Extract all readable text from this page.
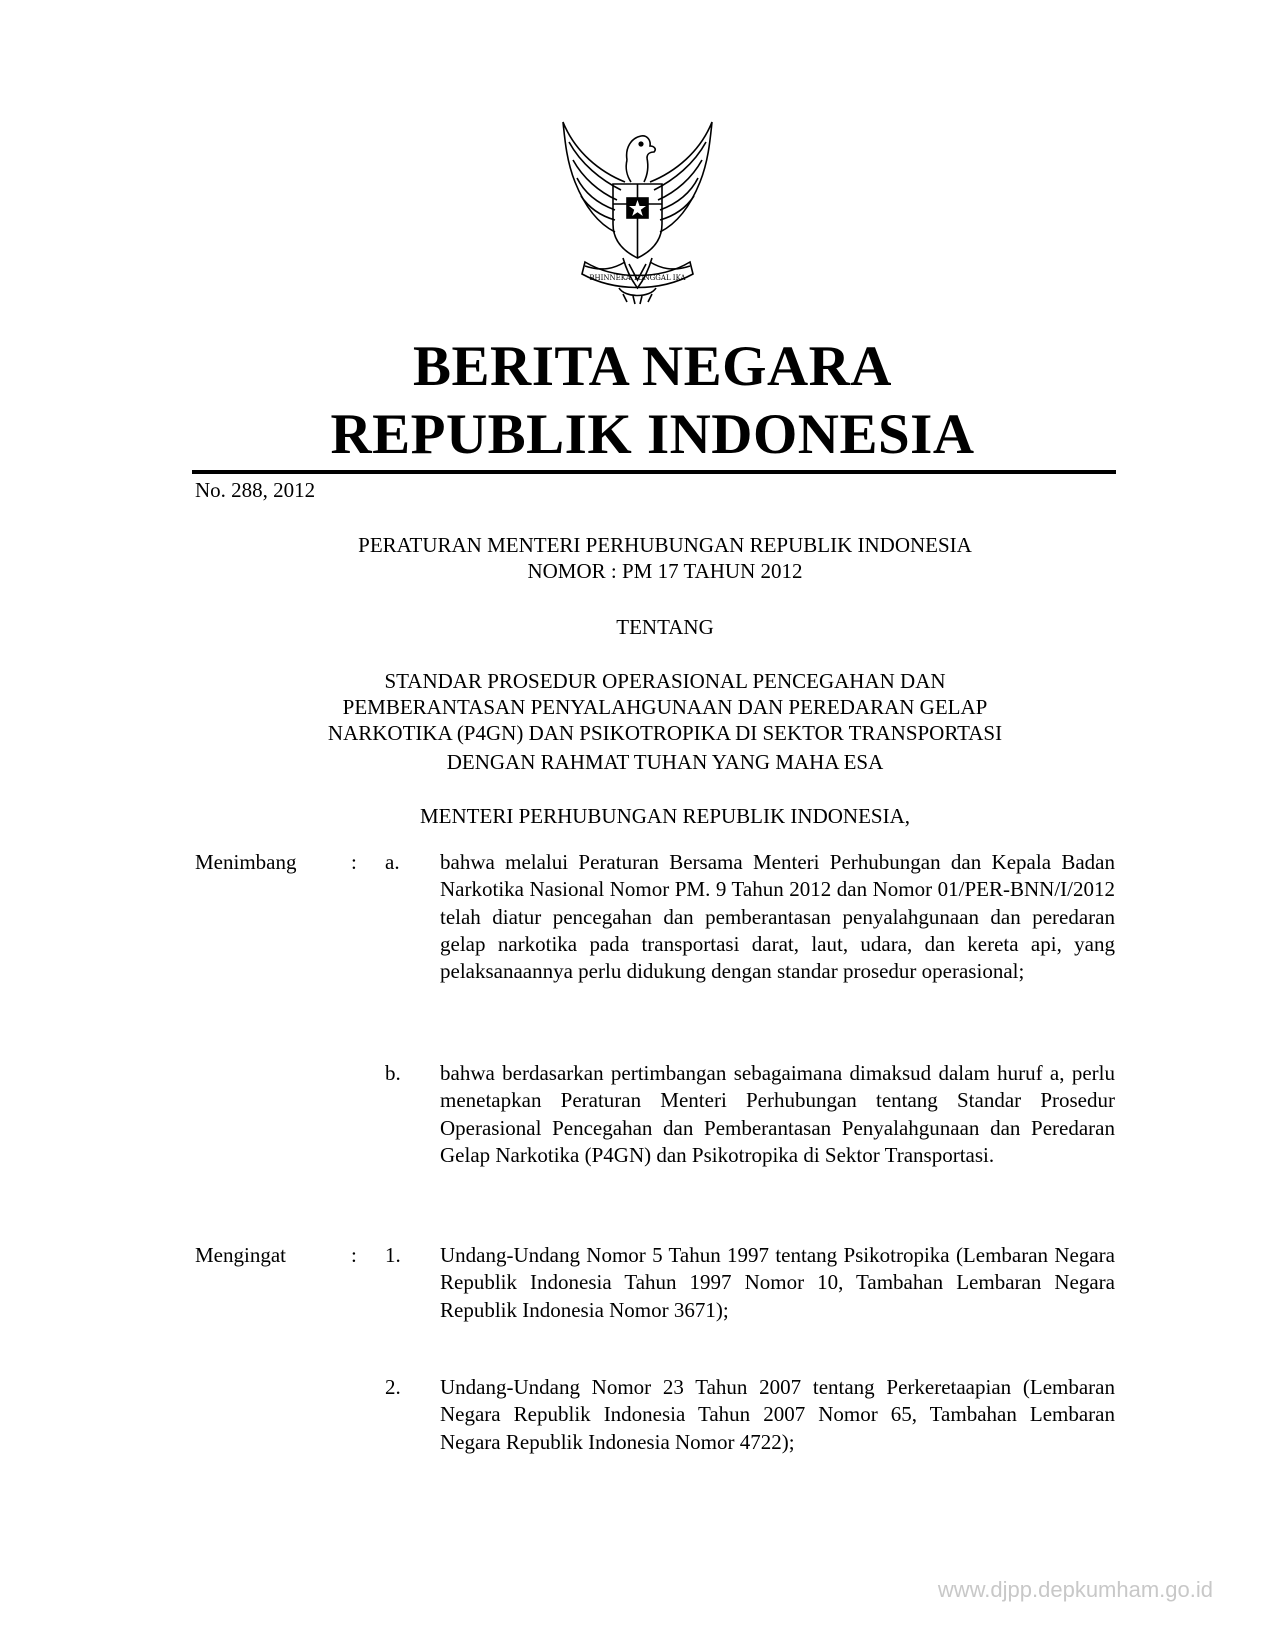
BHINNEKA TUNGGAL IKA
BERITA NEGARA
REPUBLIK INDONESIA
No. 288, 2012
PERATURAN MENTERI PERHUBUNGAN REPUBLIK INDONESIA
NOMOR : PM 17 TAHUN 2012
TENTANG
STANDAR PROSEDUR OPERASIONAL PENCEGAHAN DAN
PEMBERANTASAN PENYALAHGUNAAN DAN PEREDARAN GELAP
NARKOTIKA (P4GN) DAN PSIKOTROPIKA DI SEKTOR TRANSPORTASI
DENGAN RAHMAT TUHAN YANG MAHA ESA
MENTERI PERHUBUNGAN REPUBLIK INDONESIA,
Menimbang	: a. bahwa melalui Peraturan Bersama Menteri Perhubungan dan Kepala Badan Narkotika Nasional Nomor PM. 9 Tahun 2012 dan Nomor 01/PER-BNN/I/2012 telah diatur pencegahan dan pemberantasan penyalahgunaan dan peredaran gelap narkotika pada transportasi darat, laut, udara, dan kereta api, yang pelaksanaannya perlu didukung dengan standar prosedur operasional;
b. bahwa berdasarkan pertimbangan sebagaimana dimaksud dalam huruf a, perlu menetapkan Peraturan Menteri Perhubungan tentang Standar Prosedur Operasional Pencegahan dan Pemberantasan Penyalahgunaan dan Peredaran Gelap Narkotika (P4GN) dan Psikotropika di Sektor Transportasi.
Mengingat	: 1. Undang-Undang Nomor 5 Tahun 1997 tentang Psikotropika (Lembaran Negara Republik Indonesia Tahun 1997 Nomor 10, Tambahan Lembaran Negara Republik Indonesia Nomor 3671);
2. Undang-Undang Nomor 23 Tahun 2007 tentang Perkeretaapian (Lembaran Negara Republik Indonesia Tahun 2007 Nomor 65, Tambahan Lembaran Negara Republik Indonesia Nomor 4722);
www.djpp.depkumham.go.id
